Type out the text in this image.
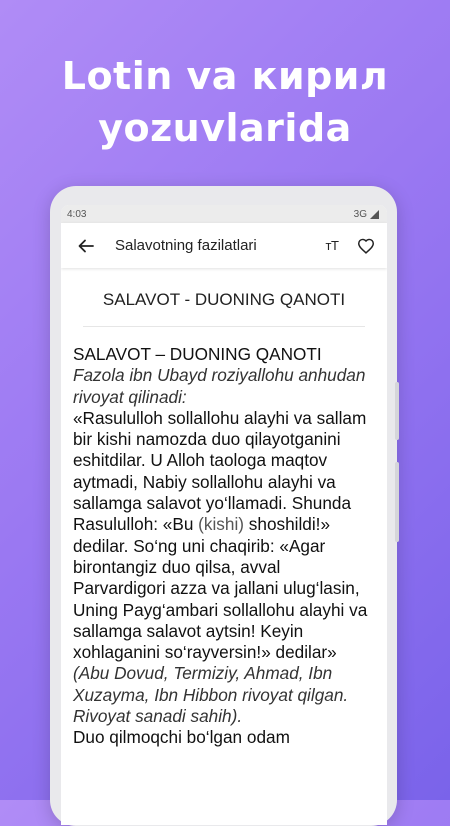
Lotin va кирил
yozuvlarida
4:03	3G
Salavotning fazilatlari	тT
SALAVOT - DUONING QANOTI
SALAVOT – DUONING QANOTI
Fazola ibn Ubayd roziyallohu anhudan rivoyat qilinadi:
«Rasululloh sollallohu alayhi va sallam bir kishi namozda duo qilayotganini eshitdilar. U Alloh taologa maqtov aytmadi, Nabiy sollallohu alayhi va sallamga salavot yo‘llamadi. Shunda Rasululloh: «Bu (kishi) shoshildi!» dedilar. So‘ng uni chaqirib: «Agar birontangiz duo qilsa, avval Parvardigori azza va jallani ulug‘lasin, Uning Payg‘ambari sollallohu alayhi va sallamga salavot aytsin! Keyin xohlaganini so‘rayversin!» dedilar» (Abu Dovud, Termiziy, Ahmad, Ibn Xuzayma, Ibn Hibbon rivoyat qilgan. Rivoyat sanadi sahih).
Duo qilmoqchi bo‘lgan odam
